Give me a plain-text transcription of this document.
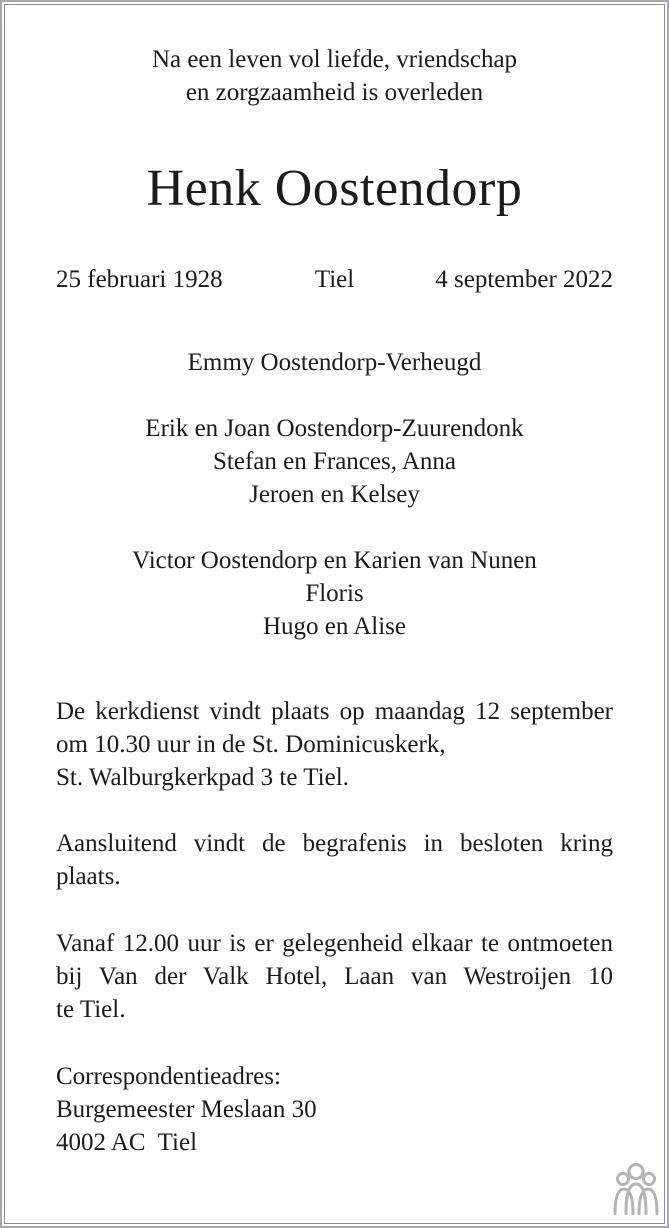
Na een leven vol liefde, vriendschap
en zorgzaamheid is overleden
Henk Oostendorp
25 februari 1928	Tiel	4 september 2022
Emmy Oostendorp-Verheugd
Erik en Joan Oostendorp-Zuurendonk
Stefan en Frances, Anna
Jeroen en Kelsey
Victor Oostendorp en Karien van Nunen
Floris
Hugo en Alise
De kerkdienst vindt plaats op maandag 12 september
om 10.30 uur in de St. Dominicuskerk,
St. Walburgkerkpad 3 te Tiel.
Aansluitend vindt de begrafenis in besloten kring
plaats.
Vanaf 12.00 uur is er gelegenheid elkaar te ontmoeten
bij Van der Valk Hotel, Laan van Westroijen 10
te Tiel.
Correspondentieadres:
Burgemeester Meslaan 30
4002 AC  Tiel
